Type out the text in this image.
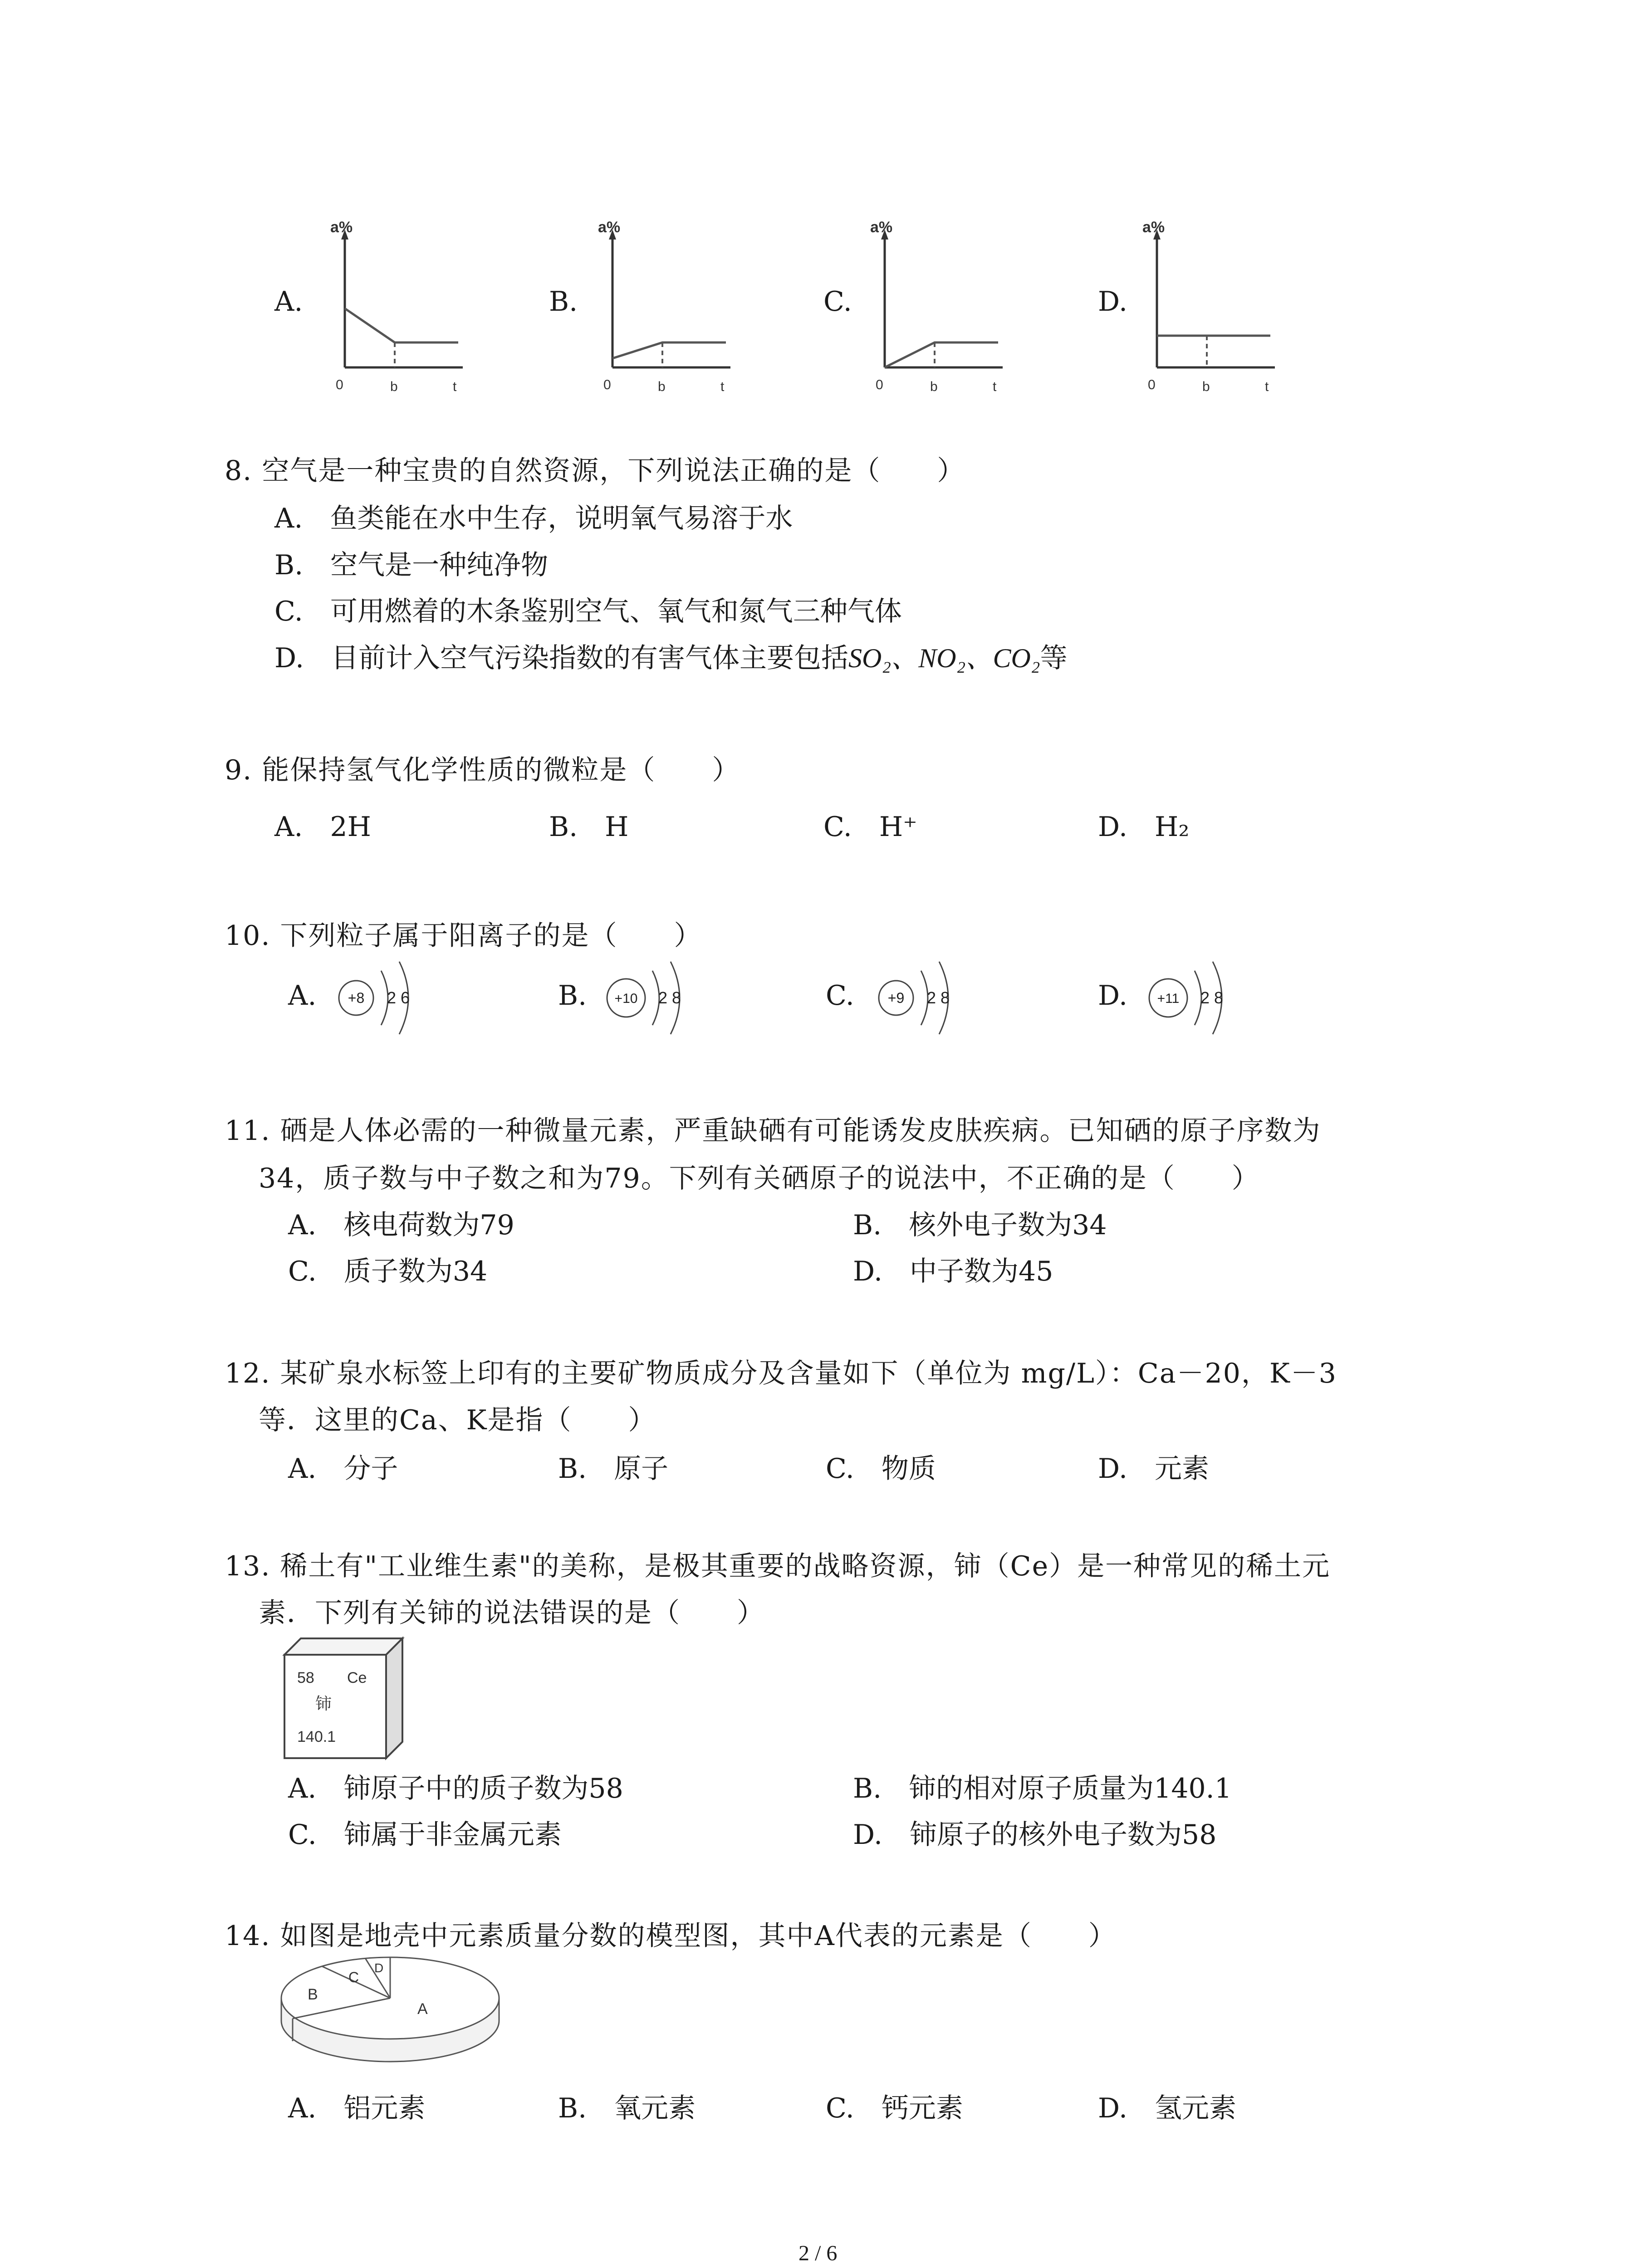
A.	B.	C.	D.
a%
0	b	t
a%
0	b	t
a%
0	b	t
a%
0	b	t
8. 空气是一种宝贵的自然资源，下列说法正确的是（　　）
A.　鱼类能在水中生存，说明氧气易溶于水
B.　空气是一种纯净物
C.　可用燃着的木条鉴别空气、氧气和氮气三种气体
D.　目前计入空气污染指数的有害气体主要包括SO₂、NO₂、CO₂等
9. 能保持氢气化学性质的微粒是（　　）
A.　2H	B.　H	C.　H⁺	D.　H₂
10. 下列粒子属于阳离子的是（　　）
A. +8 2 6	B. +10 2 8	C. +9 2 8	D. +11 2 8
11. 硒是人体必需的一种微量元素，严重缺硒有可能诱发皮肤疾病。已知硒的原子序数为
34，质子数与中子数之和为79。下列有关硒原子的说法中，不正确的是（　　）
A.　核电荷数为79	B.　核外电子数为34
C.　质子数为34	D.　中子数为45
12. 某矿泉水标签上印有的主要矿物质成分及含量如下（单位为 mg/L）：Ca－20，K－3
等．这里的Ca、K是指（　　）
A.　分子	B.　原子	C.　物质	D.　元素
13. 稀土有"工业维生素"的美称，是极其重要的战略资源，铈（Ce）是一种常见的稀土元
素．下列有关铈的说法错误的是（　　）
58 Ce
铈
140.1
A.　铈原子中的质子数为58	B.　铈的相对原子质量为140.1
C.　铈属于非金属元素	D.　铈原子的核外电子数为58
14. 如图是地壳中元素质量分数的模型图，其中A代表的元素是（　　）
A
B
C
D
A.　铝元素	B.　氧元素	C.　钙元素	D.　氢元素
2 / 6
